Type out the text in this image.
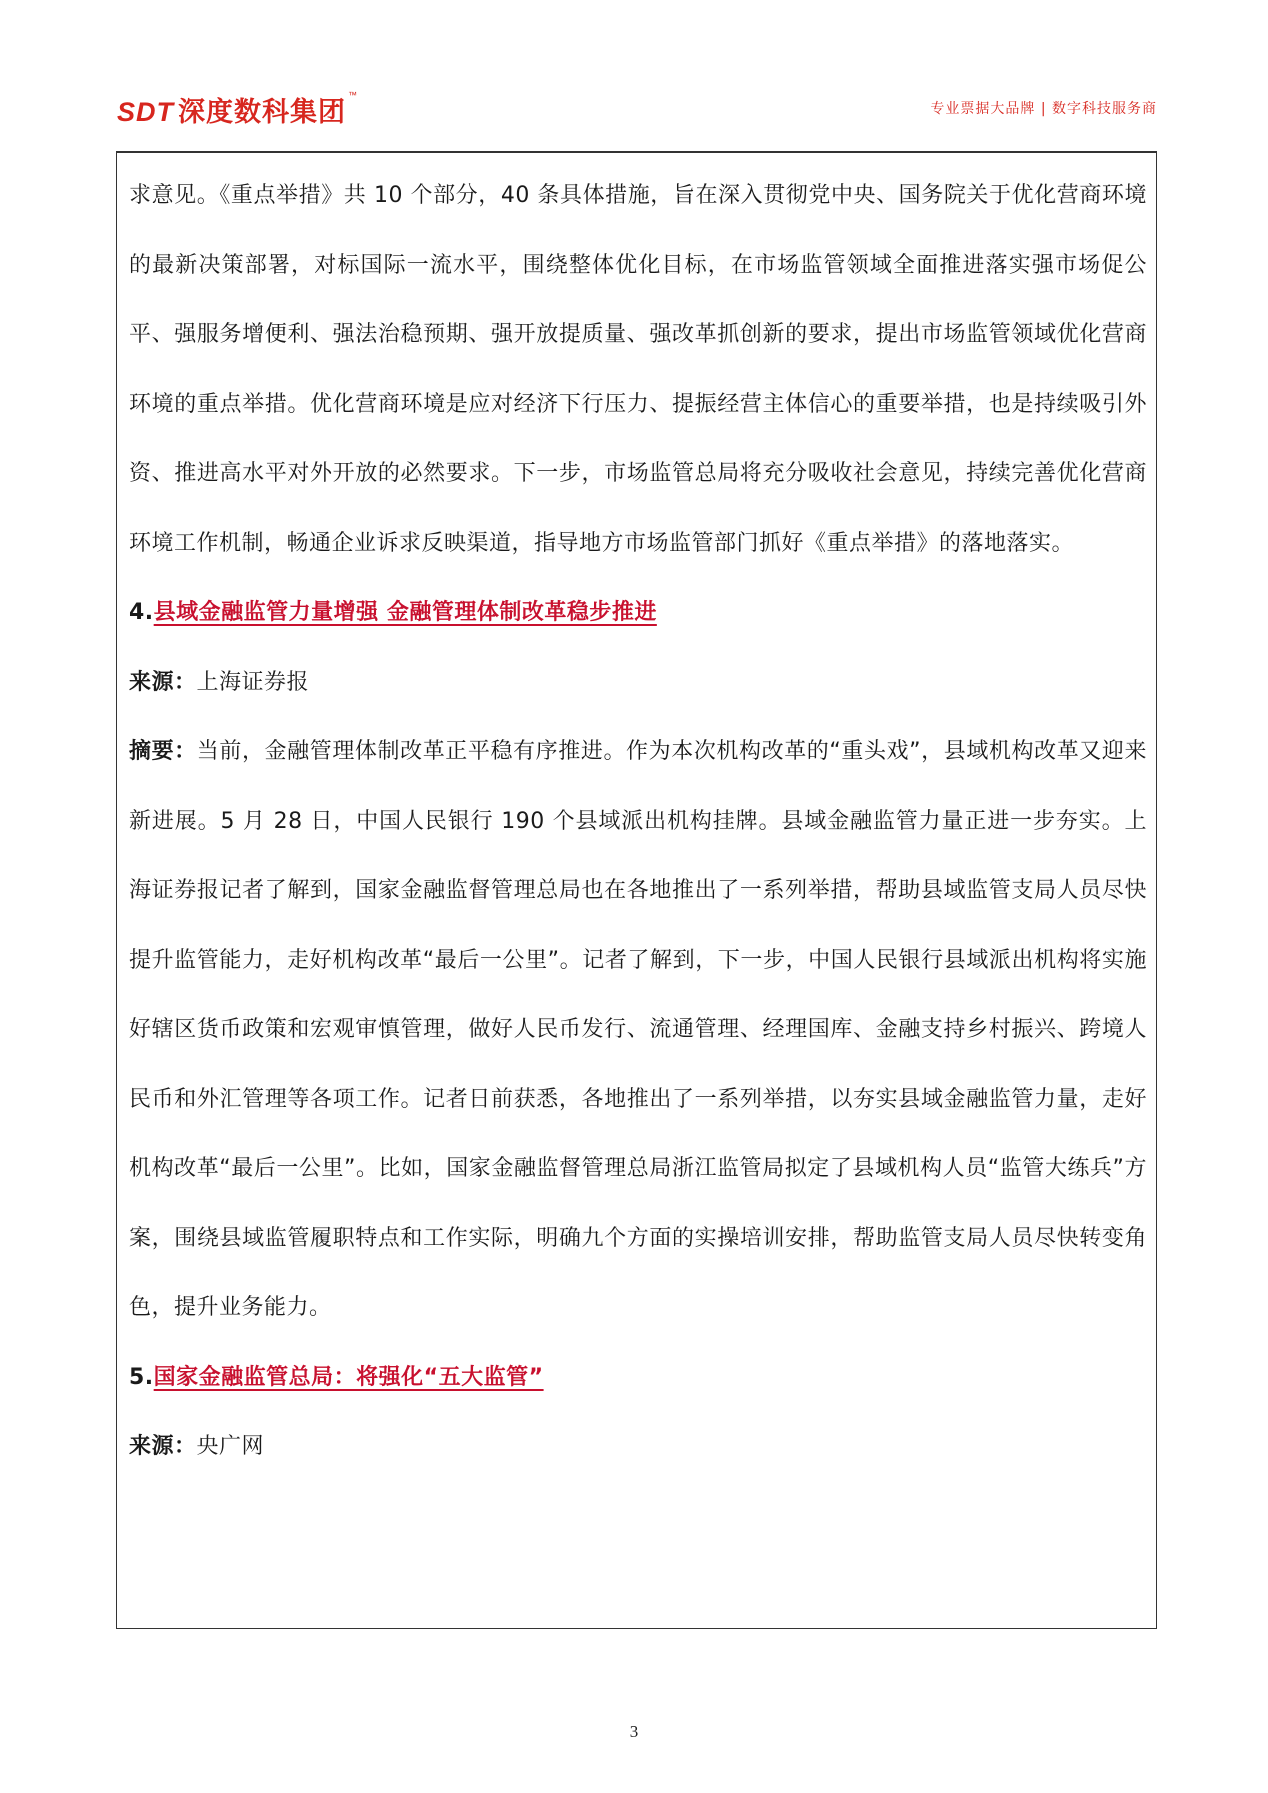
SDT 深度数科集团™
专业票据大品牌 | 数字科技服务商

求意见。《重点举措》共 10 个部分，40 条具体措施，旨在深入贯彻党中央、国务院关于优化营商环境的最新决策部署，对标国际一流水平，围绕整体优化目标，在市场监管领域全面推进落实强市场促公平、强服务增便利、强法治稳预期、强开放提质量、强改革抓创新的要求，提出市场监管领域优化营商环境的重点举措。优化营商环境是应对经济下行压力、提振经营主体信心的重要举措，也是持续吸引外资、推进高水平对外开放的必然要求。下一步，市场监管总局将充分吸收社会意见，持续完善优化营商环境工作机制，畅通企业诉求反映渠道，指导地方市场监管部门抓好《重点举措》的落地落实。

4.县域金融监管力量增强 金融管理体制改革稳步推进

来源：上海证券报

摘要：当前，金融管理体制改革正平稳有序推进。作为本次机构改革的“重头戏”，县域机构改革又迎来新进展。5 月 28 日，中国人民银行 190 个县域派出机构挂牌。县域金融监管力量正进一步夯实。上海证券报记者了解到，国家金融监督管理总局也在各地推出了一系列举措，帮助县域监管支局人员尽快提升监管能力，走好机构改革“最后一公里”。记者了解到，下一步，中国人民银行县域派出机构将实施好辖区货币政策和宏观审慎管理，做好人民币发行、流通管理、经理国库、金融支持乡村振兴、跨境人民币和外汇管理等各项工作。记者日前获悉，各地推出了一系列举措，以夯实县域金融监管力量，走好机构改革“最后一公里”。比如，国家金融监督管理总局浙江监管局拟定了县域机构人员“监管大练兵”方案，围绕县域监管履职特点和工作实际，明确九个方面的实操培训安排，帮助监管支局人员尽快转变角色，提升业务能力。

5.国家金融监管总局：将强化“五大监管”

来源：央广网

3
